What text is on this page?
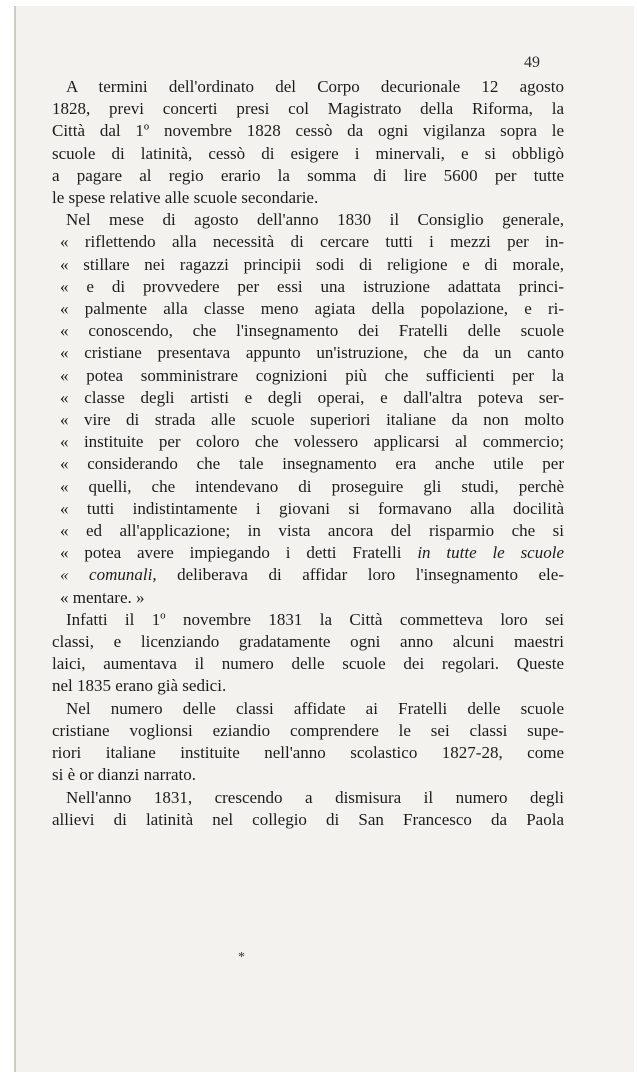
49
A termini dell'ordinato del Corpo decurionale 12 agosto
1828, previ concerti presi col Magistrato della Riforma, la
Città dal 1º novembre 1828 cessò da ogni vigilanza sopra le
scuole di latinità, cessò di esigere i minervali, e si obbligò
a pagare al regio erario la somma di lire 5600 per tutte
le spese relative alle scuole secondarie.
Nel mese di agosto dell'anno 1830 il Consiglio generale,
« riflettendo alla necessità di cercare tutti i mezzi per in-
« stillare nei ragazzi principii sodi di religione e di morale,
« e di provvedere per essi una istruzione adattata princi-
« palmente alla classe meno agiata della popolazione, e ri-
« conoscendo, che l'insegnamento dei Fratelli delle scuole
« cristiane presentava appunto un'istruzione, che da un canto
« potea somministrare cognizioni più che sufficienti per la
« classe degli artisti e degli operai, e dall'altra poteva ser-
« vire di strada alle scuole superiori italiane da non molto
« instituite per coloro che volessero applicarsi al commercio;
« considerando che tale insegnamento era anche utile per
« quelli, che intendevano di proseguire gli studi, perchè
« tutti indistintamente i giovani si formavano alla docilità
« ed all'applicazione; in vista ancora del risparmio che si
« potea avere impiegando i detti Fratelli in tutte le scuole
« comunali, deliberava di affidar loro l'insegnamento ele-
« mentare. »
Infatti il 1º novembre 1831 la Città commetteva loro sei
classi, e licenziando gradatamente ogni anno alcuni maestri
laici, aumentava il numero delle scuole dei regolari. Queste
nel 1835 erano già sedici.
Nel numero delle classi affidate ai Fratelli delle scuole
cristiane voglionsi eziandio comprendere le sei classi supe-
riori italiane instituite nell'anno scolastico 1827-28, come
si è or dianzi narrato.
Nell'anno 1831, crescendo a dismisura il numero degli
allievi di latinità nel collegio di San Francesco da Paola
*
